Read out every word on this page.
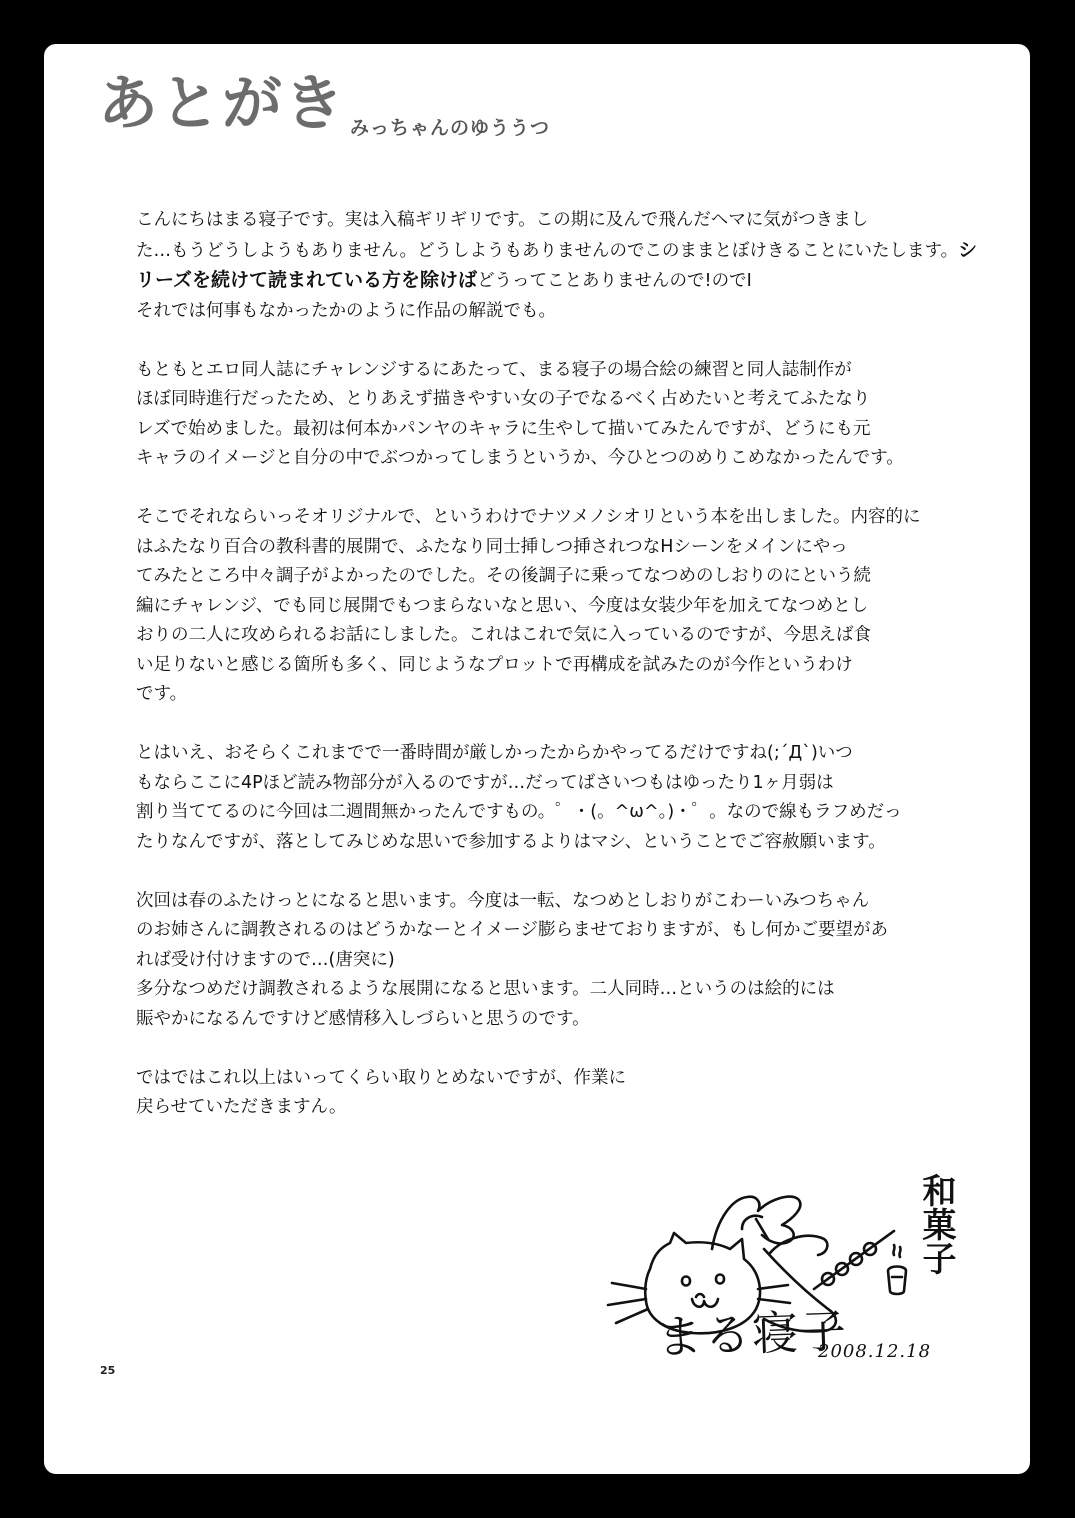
あとがき みっちゃんのゆううつ

こんにちはまる寝子です。実は入稿ギリギリです。この期に及んで飛んだヘマに気がつきまし
た…もうどうしようもありません。どうしようもありませんのでこのままとぼけきることにいたします。シ
リーズを続けて読まれている方を除けばどうってことありませんので!のでI
それでは何事もなかったかのように作品の解説でも。

もともとエロ同人誌にチャレンジするにあたって、まる寝子の場合絵の練習と同人誌制作が
ほぼ同時進行だったため、とりあえず描きやすい女の子でなるべく占めたいと考えてふたなり
レズで始めました。最初は何本かパンヤのキャラに生やして描いてみたんですが、どうにも元
キャラのイメージと自分の中でぶつかってしまうというか、今ひとつのめりこめなかったんです。

そこでそれならいっそオリジナルで、というわけでナツメノシオリという本を出しました。内容的に
はふたなり百合の教科書的展開で、ふたなり同士挿しつ挿されつなHシーンをメインにやっ
てみたところ中々調子がよかったのでした。その後調子に乗ってなつめのしおりのにという続
編にチャレンジ、でも同じ展開でもつまらないなと思い、今度は女装少年を加えてなつめとし
おりの二人に攻められるお話にしました。これはこれで気に入っているのですが、今思えば食
い足りないと感じる箇所も多く、同じようなプロットで再構成を試みたのが今作というわけ
です。

とはいえ、おそらくこれまでで一番時間が厳しかったからかやってるだけですね(;´Д`)いつ
もならここに4Pほど読み物部分が入るのですが…だってばさいつもはゆったり1ヶ月弱は
割り当ててるのに今回は二週間無かったんですもの。゜・(。^ω^。)・゜。なので線もラフめだっ
たりなんですが、落としてみじめな思いで参加するよりはマシ、ということでご容赦願います。

次回は春のふたけっとになると思います。今度は一転、なつめとしおりがこわーいみつちゃん
のお姉さんに調教されるのはどうかなーとイメージ膨らませておりますが、もし何かご要望があ
れば受け付けますので…(唐突に)
多分なつめだけ調教されるような展開になると思います。二人同時…というのは絵的には
賑やかになるんですけど感情移入しづらいと思うのです。

ではではこれ以上はいってくらい取りとめないですが、作業に
戻らせていただきますん。

和菓子
まる寝子
2008.12.18
25
